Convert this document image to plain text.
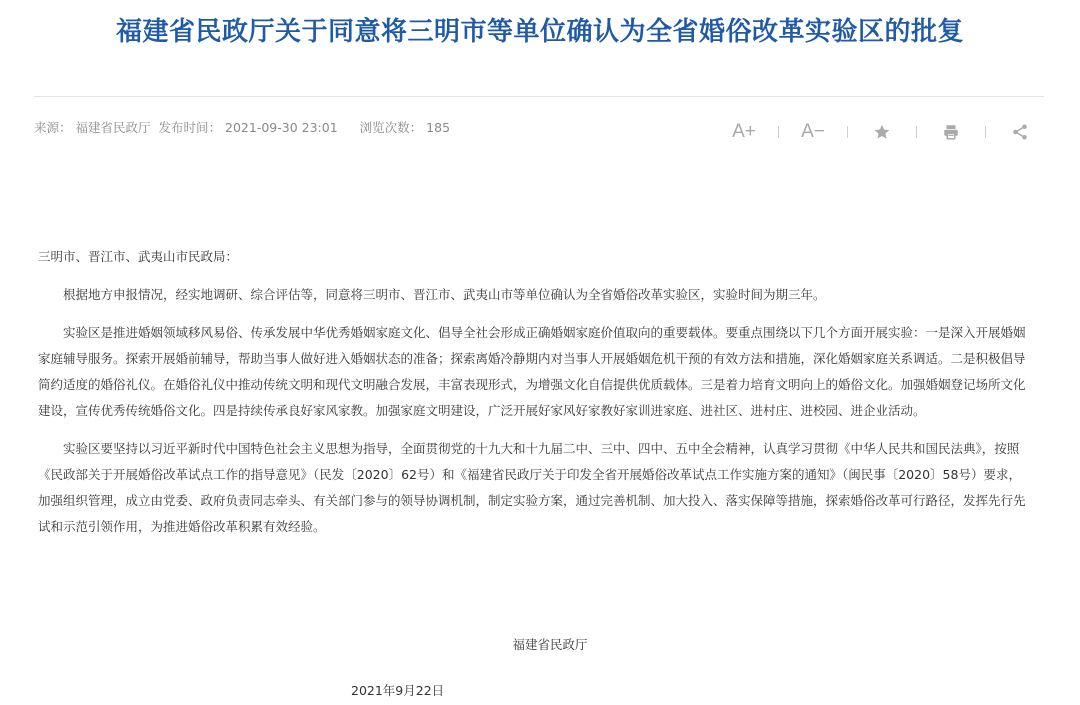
福建省民政厅关于同意将三明市等单位确认为全省婚俗改革实验区的批复
来源： 福建省民政厅 发布时间： 2021-09-30 23:01 浏览次数： 185	A+ A−

三明市、晋江市、武夷山市民政局：

根据地方申报情况，经实地调研、综合评估等，同意将三明市、晋江市、武夷山市等单位确认为全省婚俗改革实验区，实验时间为期三年。

实验区是推进婚姻领域移风易俗、传承发展中华优秀婚姻家庭文化、倡导全社会形成正确婚姻家庭价值取向的重要载体。要重点围绕以下几个方面开展实验：一是深入开展婚姻家庭辅导服务。探索开展婚前辅导，帮助当事人做好进入婚姻状态的准备；探索离婚冷静期内对当事人开展婚姻危机干预的有效方法和措施，深化婚姻家庭关系调适。二是积极倡导简约适度的婚俗礼仪。在婚俗礼仪中推动传统文明和现代文明融合发展，丰富表现形式，为增强文化自信提供优质载体。三是着力培育文明向上的婚俗文化。加强婚姻登记场所文化建设，宣传优秀传统婚俗文化。四是持续传承良好家风家教。加强家庭文明建设，广泛开展好家风好家教好家训进家庭、进社区、进村庄、进校园、进企业活动。

实验区要坚持以习近平新时代中国特色社会主义思想为指导，全面贯彻党的十九大和十九届二中、三中、四中、五中全会精神，认真学习贯彻《中华人民共和国民法典》，按照《民政部关于开展婚俗改革试点工作的指导意见》（民发〔2020〕62号）和《福建省民政厅关于印发全省开展婚俗改革试点工作实施方案的通知》（闽民事〔2020〕58号）要求，加强组织管理，成立由党委、政府负责同志牵头、有关部门参与的领导协调机制，制定实验方案，通过完善机制、加大投入、落实保障等措施，探索婚俗改革可行路径，发挥先行先试和示范引领作用，为推进婚俗改革积累有效经验。

福建省民政厅
2021年9月22日
